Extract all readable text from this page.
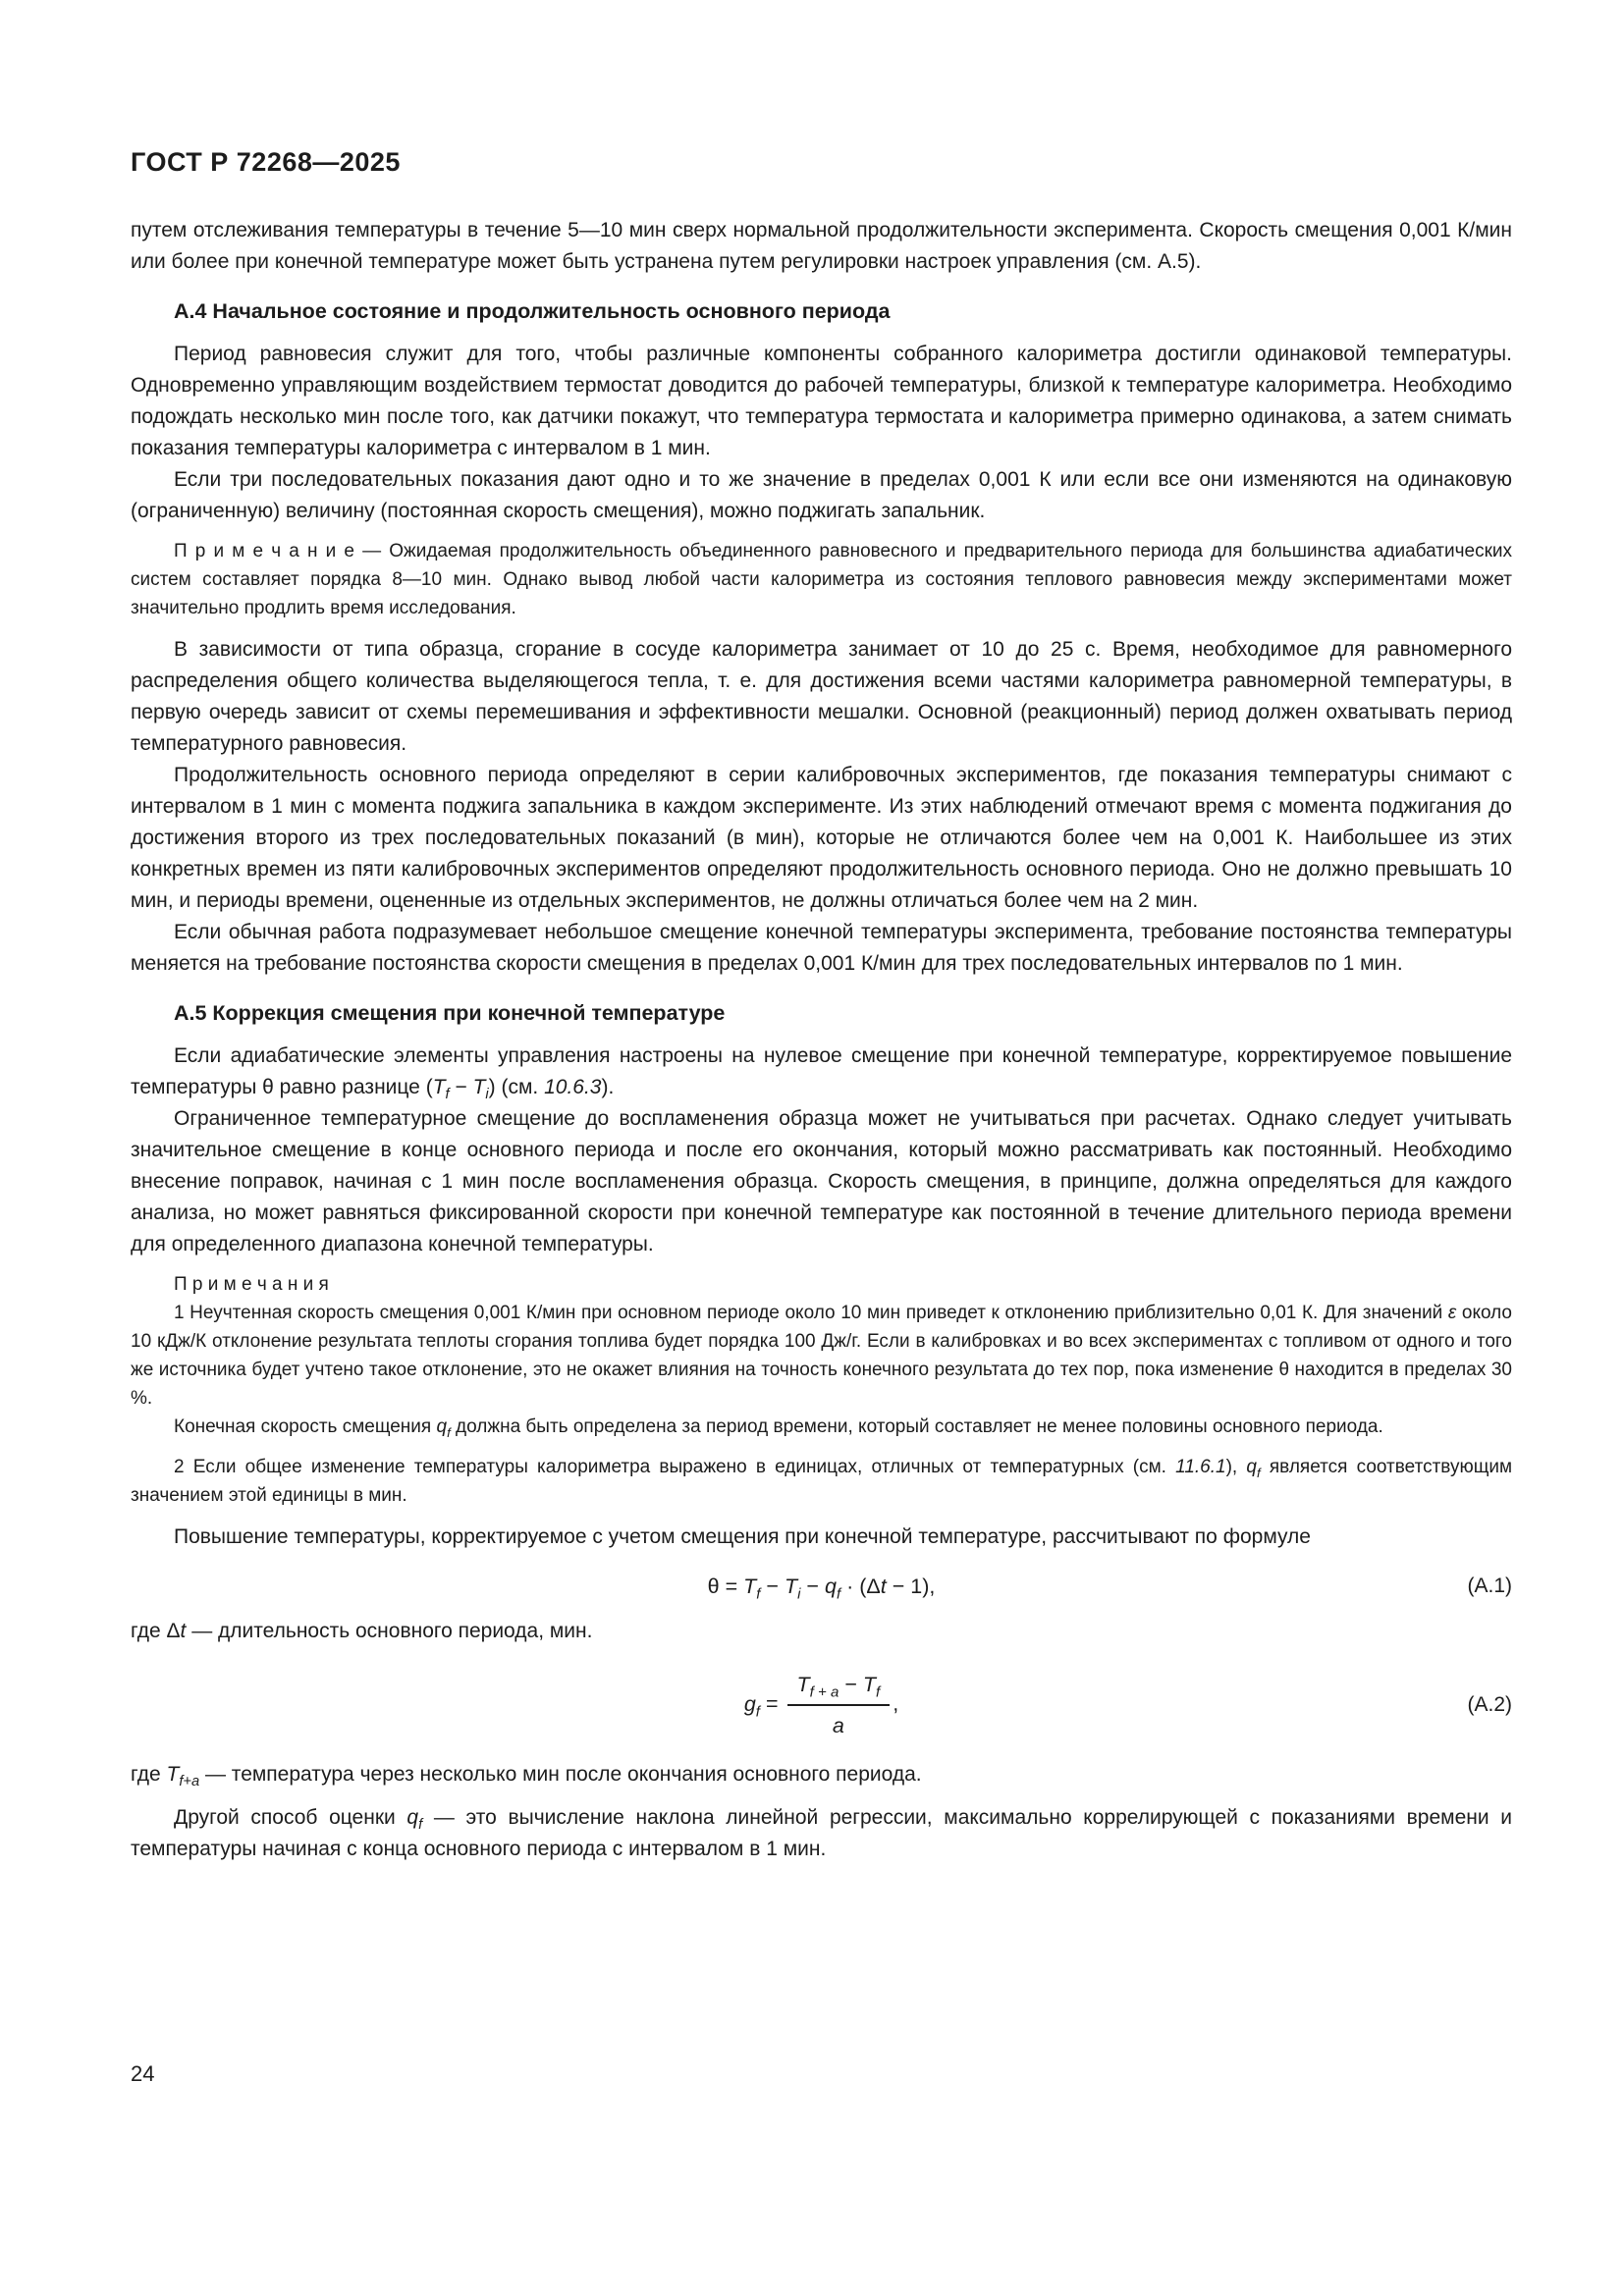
ГОСТ Р 72268—2025

путем отслеживания температуры в течение 5—10 мин сверх нормальной продолжительности эксперимента. Скорость смещения 0,001 К/мин или более при конечной температуре может быть устранена путем регулировки настроек управления (см. А.5).

А.4 Начальное состояние и продолжительность основного периода

Период равновесия служит для того, чтобы различные компоненты собранного калориметра достигли одинаковой температуры. Одновременно управляющим воздействием термостат доводится до рабочей температуры, близкой к температуре калориметра. Необходимо подождать несколько мин после того, как датчики покажут, что температура термостата и калориметра примерно одинакова, а затем снимать показания температуры калориметра с интервалом в 1 мин.

Если три последовательных показания дают одно и то же значение в пределах 0,001 К или если все они изменяются на одинаковую (ограниченную) величину (постоянная скорость смещения), можно поджигать запальник.

П р и м е ч а н и е — Ожидаемая продолжительность объединенного равновесного и предварительного периода для большинства адиабатических систем составляет порядка 8—10 мин. Однако вывод любой части калориметра из состояния теплового равновесия между экспериментами может значительно продлить время исследования.

В зависимости от типа образца, сгорание в сосуде калориметра занимает от 10 до 25 с. Время, необходимое для равномерного распределения общего количества выделяющегося тепла, т. е. для достижения всеми частями калориметра равномерной температуры, в первую очередь зависит от схемы перемешивания и эффективности мешалки. Основной (реакционный) период должен охватывать период температурного равновесия.

Продолжительность основного периода определяют в серии калибровочных экспериментов, где показания температуры снимают с интервалом в 1 мин с момента поджига запальника в каждом эксперименте. Из этих наблюдений отмечают время с момента поджигания до достижения второго из трех последовательных показаний (в мин), которые не отличаются более чем на 0,001 К. Наибольшее из этих конкретных времен из пяти калибровочных экспериментов определяют продолжительность основного периода. Оно не должно превышать 10 мин, и периоды времени, оцененные из отдельных экспериментов, не должны отличаться более чем на 2 мин.

Если обычная работа подразумевает небольшое смещение конечной температуры эксперимента, требование постоянства температуры меняется на требование постоянства скорости смещения в пределах 0,001 К/мин для трех последовательных интервалов по 1 мин.

А.5 Коррекция смещения при конечной температуре

Если адиабатические элементы управления настроены на нулевое смещение при конечной температуре, корректируемое повышение температуры θ равно разнице $(T_f - T_i)$ (см. 10.6.3).

Ограниченное температурное смещение до воспламенения образца может не учитываться при расчетах. Однако следует учитывать значительное смещение в конце основного периода и после его окончания, который можно рассматривать как постоянный. Необходимо внесение поправок, начиная с 1 мин после воспламенения образца. Скорость смещения, в принципе, должна определяться для каждого анализа, но может равняться фиксированной скорости при конечной температуре как постоянной в течение длительного периода времени для определенного диапазона конечной температуры.

П р и м е ч а н и я

1 Неучтенная скорость смещения 0,001 К/мин при основном периоде около 10 мин приведет к отклонению приблизительно 0,01 К. Для значений ε около 10 кДж/К отклонение результата теплоты сгорания топлива будет порядка 100 Дж/г. Если в калибровках и во всех экспериментах с топливом от одного и того же источника будет учтено такое отклонение, это не окажет влияния на точность конечного результата до тех пор, пока изменение θ находится в пределах 30 %.

Конечная скорость смещения $q_f$ должна быть определена за период времени, который составляет не менее половины основного периода.

2 Если общее изменение температуры калориметра выражено в единицах, отличных от температурных (см. 11.6.1), $q_f$ является соответствующим значением этой единицы в мин.

Повышение температуры, корректируемое с учетом смещения при конечной температуре, рассчитывают по формуле

$\theta = T_f - T_i - q_f \cdot (\Delta t - 1)$,	(А.1)

где Δt — длительность основного периода, мин.

$g_f = \frac{T_{f + a} - T_f}{a}$ ,	(А.2)

где $T_{f+a}$ — температура через несколько мин после окончания основного периода.

Другой способ оценки $q_f$ — это вычисление наклона линейной регрессии, максимально коррелирующей с показаниями времени и температуры начиная с конца основного периода с интервалом в 1 мин.

24
